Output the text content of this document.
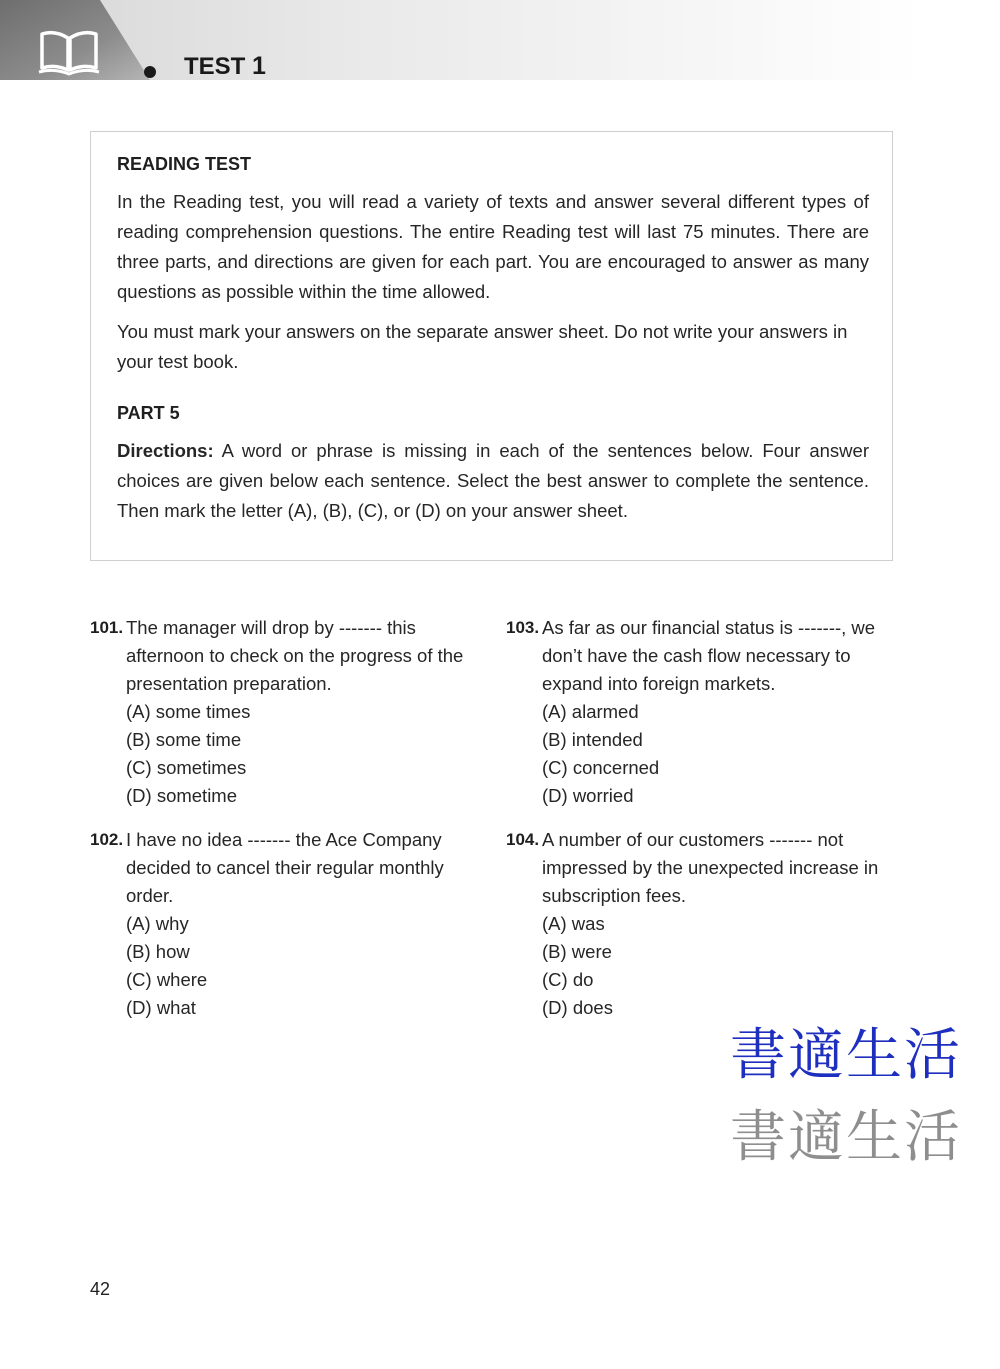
TEST 1
READING TEST

In the Reading test, you will read a variety of texts and answer several different types of reading comprehension questions. The entire Reading test will last 75 minutes. There are three parts, and directions are given for each part. You are encouraged to answer as many questions as possible within the time allowed.

You must mark your answers on the separate answer sheet. Do not write your answers in your test book.

PART 5

Directions: A word or phrase is missing in each of the sentences below. Four answer choices are given below each sentence. Select the best answer to complete the sentence. Then mark the letter (A), (B), (C), or (D) on your answer sheet.

101. The manager will drop by ------- this afternoon to check on the progress of the presentation preparation.
(A) some times
(B) some time
(C) sometimes
(D) sometime
102. I have no idea ------- the Ace Company decided to cancel their regular monthly order.
(A) why
(B) how
(C) where
(D) what
103. As far as our financial status is -------, we don’t have the cash flow necessary to expand into foreign markets.
(A) alarmed
(B) intended
(C) concerned
(D) worried
104. A number of our customers ------- not impressed by the unexpected increase in subscription fees.
(A) was
(B) were
(C) do
(D) does
書適生活
書適生活
42
